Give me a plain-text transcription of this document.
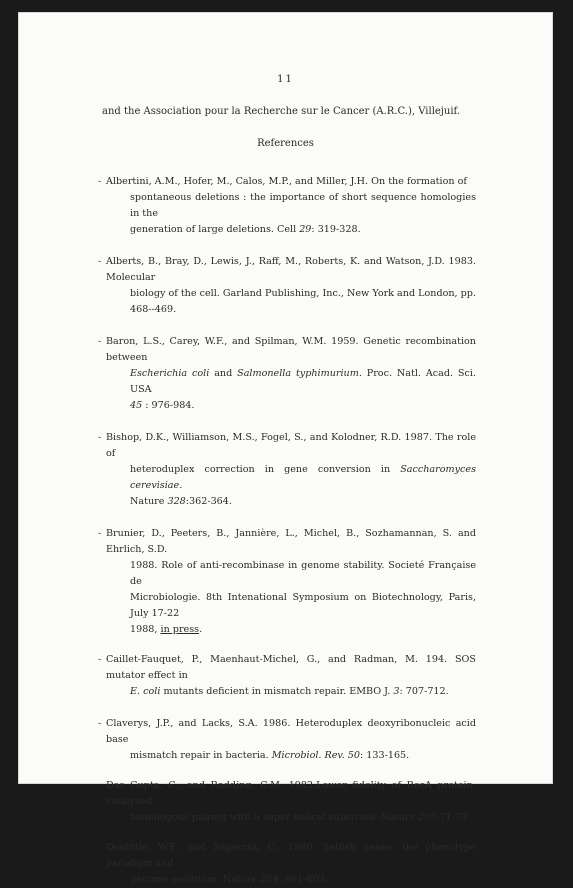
11
and the Association pour la Recherche sur le Cancer (A.R.C.), Villejuif.
References
- Albertini, A.M., Hofer, M., Calos, M.P., and Miller, J.H. On the formation of
spontaneous deletions : the importance of short sequence homologies in the
generation of large deletions. Cell 29: 319-328.
- Alberts, B., Bray, D., Lewis, J., Raff, M., Roberts, K. and Watson, J.D. 1983. Molecular
biology of the cell. Garland Publishing, Inc., New York and London, pp.
468--469.
- Baron, L.S., Carey, W.F., and Spilman, W.M. 1959. Genetic recombination between
Escherichia coli and Salmonella typhimurium. Proc. Natl. Acad. Sci. USA
45 : 976-984.
- Bishop, D.K., Williamson, M.S., Fogel, S., and Kolodner, R.D. 1987. The role of
heteroduplex correction in gene conversion in Saccharomyces cerevisiae.
Nature 328:362-364.
- Brunier, D., Peeters, B., Jannière, L., Michel, B., Sozhamannan, S. and Ehrlich, S.D.
1988. Role of anti-recombinase in genome stability. Societé Française de
Microbiologie. 8th Intenational Symposium on Biotechnology, Paris, July 17-22
1988, in press.
- Caillet-Fauquet, P., Maenhaut-Michel, G., and Radman, M. 194. SOS mutator effect in
E. coli mutants deficient in mismatch repair. EMBO J. 3: 707-712.
- Claverys, J.P., and Lacks, S.A. 1986. Heteroduplex deoxyribonucleic acid base
mismatch repair in bacteria. Microbiol. Rev. 50: 133-165.
- Das Gupta, C., and Radding, C.M. 1982.Lower fidelity of RecA protein-catalysed
homologous pairing with a super helical substrate. Nature 295:71-73
- Doolittle, W.F., and Sapienza, C., 1980. Selfish genes, the phenotype paradigm and
genome evolution. Nature 284: 601-603.
